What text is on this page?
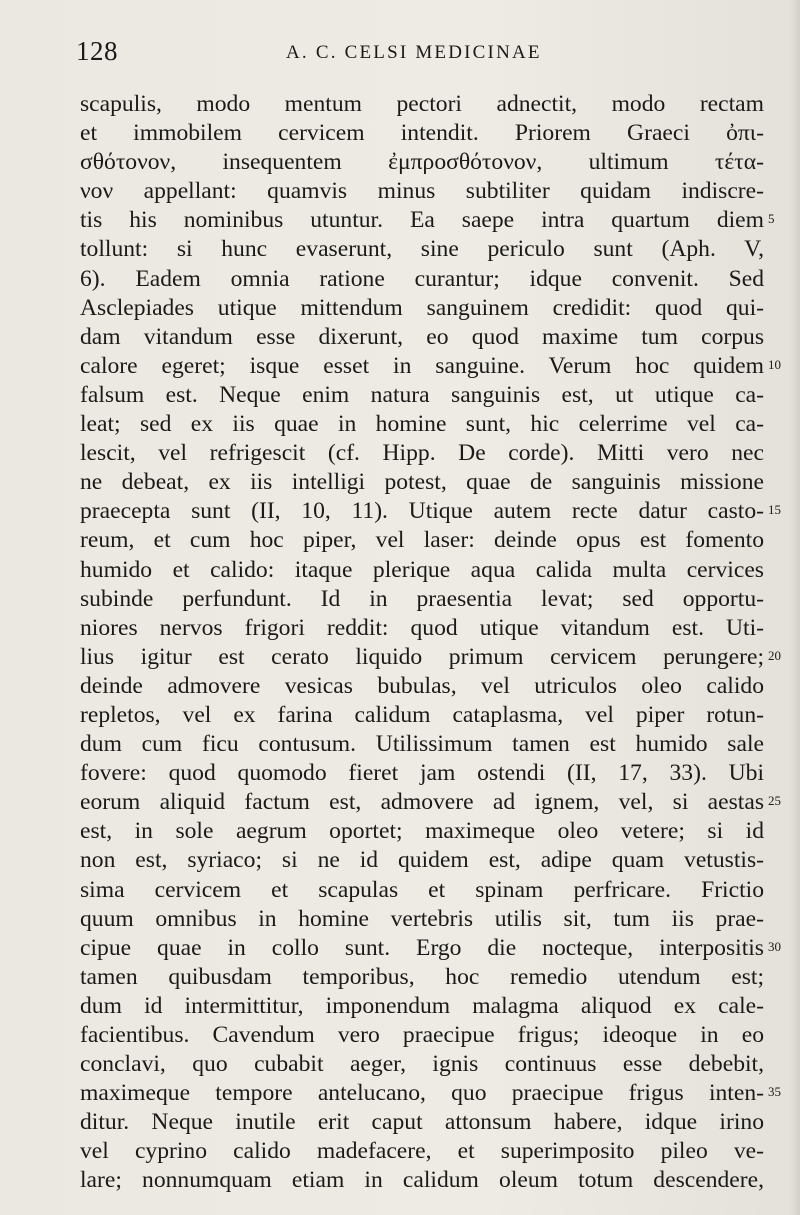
128	A. C. CELSI MEDICINAE
scapulis, modo mentum pectori adnectit, modo rectam
et immobilem cervicem intendit. Priorem Graeci ὀπι-
σθότονον, insequentem ἐμπροσθότονον, ultimum τέτα-
νον appellant: quamvis minus subtiliter quidam indiscre-
tis his nominibus utuntur. Ea saepe intra quartum diem 5
tollunt: si hunc evaserunt, sine periculo sunt (Aph. V,
6). Eadem omnia ratione curantur; idque convenit. Sed
Asclepiades utique mittendum sanguinem credidit: quod qui-
dam vitandum esse dixerunt, eo quod maxime tum corpus
calore egeret; isque esset in sanguine. Verum hoc quidem 10
falsum est. Neque enim natura sanguinis est, ut utique ca-
leat; sed ex iis quae in homine sunt, hic celerrime vel ca-
lescit, vel refrigescit (cf. Hipp. De corde). Mitti vero nec
ne debeat, ex iis intelligi potest, quae de sanguinis missione
praecepta sunt (II, 10, 11). Utique autem recte datur casto- 15
reum, et cum hoc piper, vel laser: deinde opus est fomento
humido et calido: itaque plerique aqua calida multa cervices
subinde perfundunt. Id in praesentia levat; sed opportu-
niores nervos frigori reddit: quod utique vitandum est. Uti-
lius igitur est cerato liquido primum cervicem perungere; 20
deinde admovere vesicas bubulas, vel utriculos oleo calido
repletos, vel ex farina calidum cataplasma, vel piper rotun-
dum cum ficu contusum. Utilissimum tamen est humido sale
fovere: quod quomodo fieret jam ostendi (II, 17, 33). Ubi
eorum aliquid factum est, admovere ad ignem, vel, si aestas 25
est, in sole aegrum oportet; maximeque oleo vetere; si id
non est, syriaco; si ne id quidem est, adipe quam vetustis-
sima cervicem et scapulas et spinam perfricare. Frictio
quum omnibus in homine vertebris utilis sit, tum iis prae-
cipue quae in collo sunt. Ergo die nocteque, interpositis 30
tamen quibusdam temporibus, hoc remedio utendum est;
dum id intermittitur, imponendum malagma aliquod ex cale-
facientibus. Cavendum vero praecipue frigus; ideoque in eo
conclavi, quo cubabit aeger, ignis continuus esse debebit,
maximeque tempore antelucano, quo praecipue frigus inten- 35
ditur. Neque inutile erit caput attonsum habere, idque irino
vel cyprino calido madefacere, et superimposito pileo ve-
lare; nonnumquam etiam in calidum oleum totum descendere,
